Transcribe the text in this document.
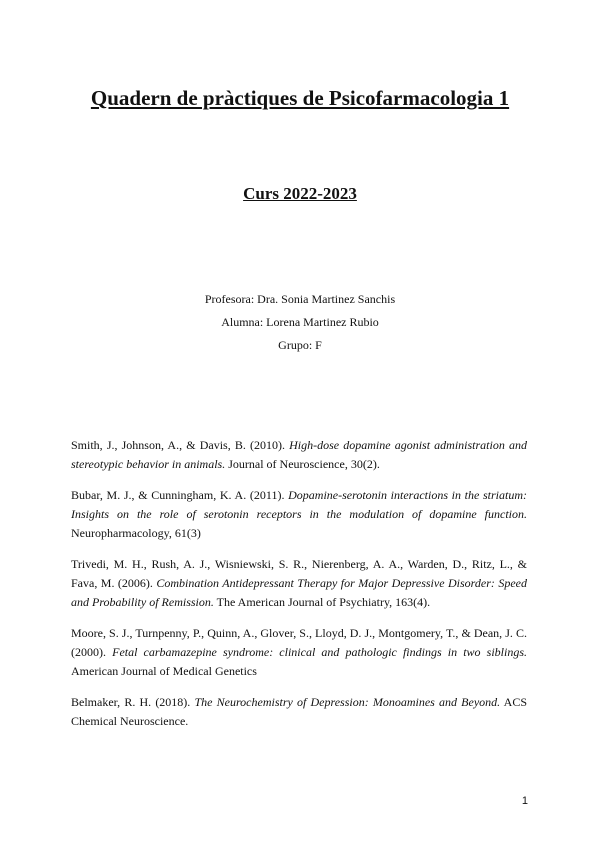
Quadern de pràctiques de Psicofarmacologia 1
Curs 2022-2023
Profesora: Dra. Sonia Martinez Sanchis
Alumna: Lorena Martinez Rubio
Grupo: F

Smith, J., Johnson, A., & Davis, B. (2010). High-dose dopamine agonist administration and stereotypic behavior in animals. Journal of Neuroscience, 30(2).

Bubar, M. J., & Cunningham, K. A. (2011). Dopamine-serotonin interactions in the striatum: Insights on the role of serotonin receptors in the modulation of dopamine function. Neuropharmacology, 61(3)

Trivedi, M. H., Rush, A. J., Wisniewski, S. R., Nierenberg, A. A., Warden, D., Ritz, L., & Fava, M. (2006). Combination Antidepressant Therapy for Major Depressive Disorder: Speed and Probability of Remission. The American Journal of Psychiatry, 163(4).

Moore, S. J., Turnpenny, P., Quinn, A., Glover, S., Lloyd, D. J., Montgomery, T., & Dean, J. C. (2000). Fetal carbamazepine syndrome: clinical and pathologic findings in two siblings. American Journal of Medical Genetics

Belmaker, R. H. (2018). The Neurochemistry of Depression: Monoamines and Beyond. ACS Chemical Neuroscience.

1
